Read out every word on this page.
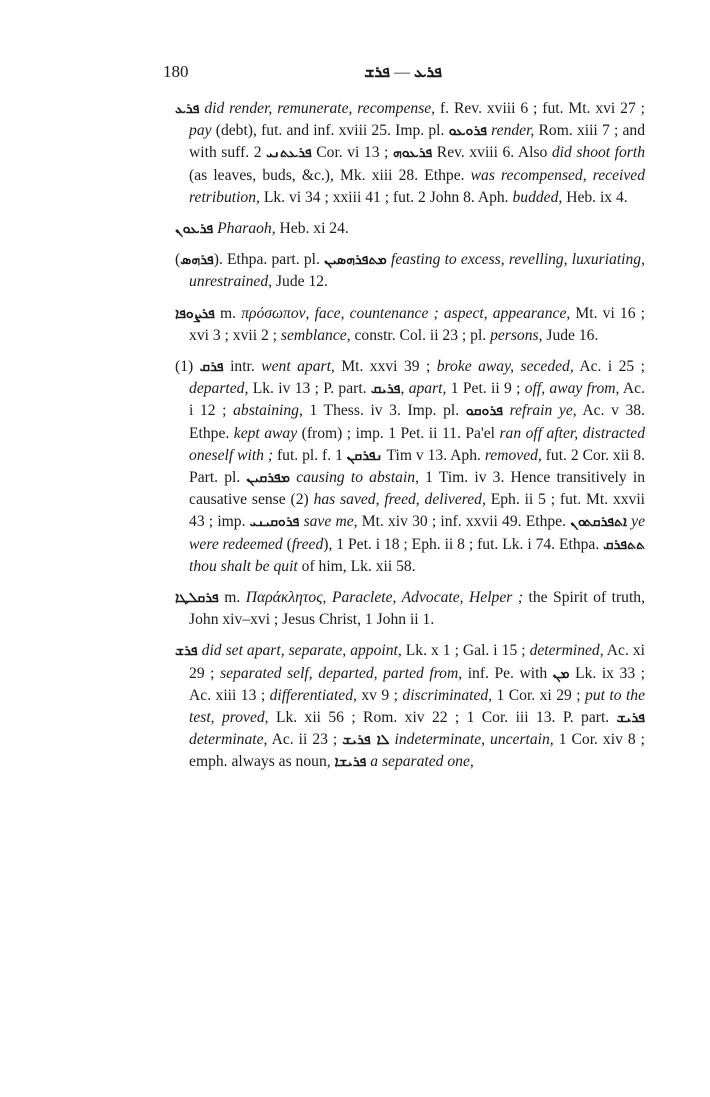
180	ܦܪܥ — ܦܪܫ

ܦܪܥ did render, remunerate, recompense, f. Rev. xviii 6 ; fut. Mt. xvi 27 ; pay (debt), fut. and inf. xviii 25. Imp. pl. ܦܪܘܥܘ render, Rom. xiii 7 ; and with suff. ܦܪܥܬܢܝ 2 Cor. vi 13 ; ܦܪܥܘܗ Rev. xviii 6. Also did shoot forth (as leaves, buds, &c.), Mk. xiii 28. Ethpe. was recompensed, received retribution, Lk. vi 34 ; xxiii 41 ; fut. 2 John 8. Aph. budded, Heb. ix 4.

ܦܪܥܘܢ Pharaoh, Heb. xi 24.

(ܦܪܗܣ). Ethpa. part. pl. ܡܬܦܪܗܣܝܢ feasting to excess, revelling, luxuriating, unrestrained, Jude 12.

ܦܪܨܘܦܐ m. πρόσωπον, face, countenance ; aspect, appearance, Mt. vi 16 ; xvi 3 ; xvii 2 ; semblance, constr. Col. ii 23 ; pl. persons, Jude 16.

ܦܪܩ (1) intr. went apart, Mt. xxvi 39 ; broke away, seceded, Ac. i 25 ; departed, Lk. iv 13 ; P. part. ܦܪܝܩ, apart, 1 Pet. ii 9 ; off, away from, Ac. i 12 ; abstaining, 1 Thess. iv 3. Imp. pl. ܦܪܘܩܘ refrain ye, Ac. v 38. Ethpe. kept away (from) ; imp. 1 Pet. ii 11. Pa'el ran off after, distracted oneself with ; fut. pl. f. ܢܦܪܩܢ 1 Tim v 13. Aph. removed, fut. 2 Cor. xii 8. Part. pl. ܡܦܪܩܝܢ causing to abstain, 1 Tim. iv 3. Hence transitively in causative sense (2) has saved, freed, delivered, Eph. ii 5 ; fut. Mt. xxvii 43 ; imp. ܦܪܘܩܝܢܝ save me, Mt. xiv 30 ; inf. xxvii 49. Ethpe. ܐܬܦܪܩܬܘܢ ye were redeemed (freed), 1 Pet. i 18 ; Eph. ii 8 ; fut. Lk. i 74. Ethpa. ܬܬܦܪܩ thou shalt be quit of him, Lk. xii 58.

ܦܪܩܠܛܐ m. Παράκλητος, Paraclete, Advocate, Helper ; the Spirit of truth, John xiv–xvi ; Jesus Christ, 1 John ii 1.

ܦܪܫ did set apart, separate, appoint, Lk. x 1 ; Gal. i 15 ; determined, Ac. xi 29 ; separated self, departed, parted from, inf. Pe. with ܡܢ Lk. ix 33 ; Ac. xiii 13 ; differentiated, xv 9 ; discriminated, 1 Cor. xi 29 ; put to the test, proved, Lk. xii 56 ; Rom. xiv 22 ; 1 Cor. iii 13. P. part. ܦܪܝܫ determinate, Ac. ii 23 ; ܠܐ ܦܪܝܫ indeterminate, uncertain, 1 Cor. xiv 8 ; emph. always as noun, ܦܪܝܫܐ a separated one,
